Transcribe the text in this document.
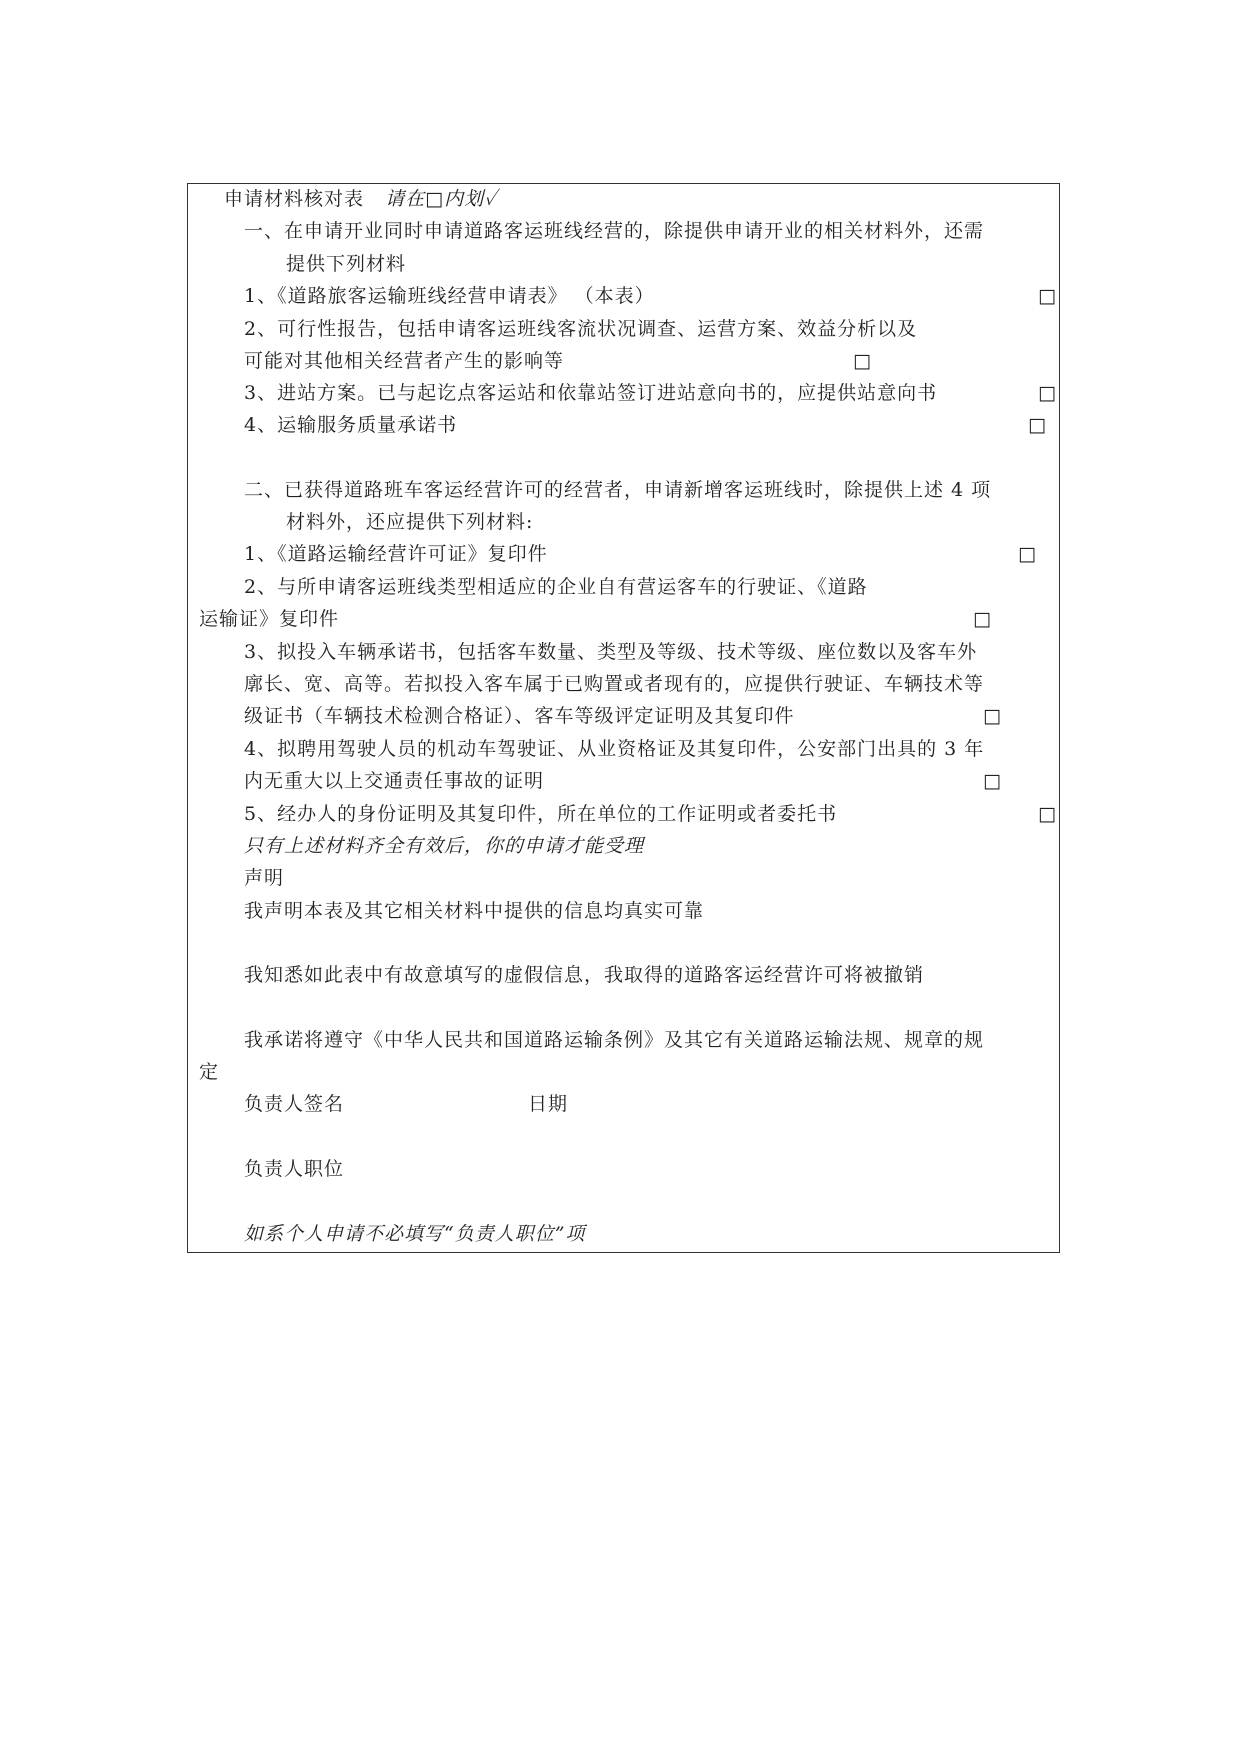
申请材料核对表 请在□内划✓
一、在申请开业同时申请道路客运班线经营的，除提供申请开业的相关材料外，还需
提供下列材料
1、《道路旅客运输班线经营申请表》 （本表）	□
2、可行性报告，包括申请客运班线客流状况调查、运营方案、效益分析以及
可能对其他相关经营者产生的影响等	□
3、进站方案。已与起讫点客运站和依靠站签订进站意向书的，应提供站意向书	□
4、运输服务质量承诺书	□
二、已获得道路班车客运经营许可的经营者，申请新增客运班线时，除提供上述 4 项
材料外，还应提供下列材料:
1、《道路运输经营许可证》复印件	□
2、与所申请客运班线类型相适应的企业自有营运客车的行驶证、《道路
运输证》复印件	□
3、拟投入车辆承诺书，包括客车数量、类型及等级、技术等级、座位数以及客车外
廓长、宽、高等。若拟投入客车属于已购置或者现有的，应提供行驶证、车辆技术等
级证书（车辆技术检测合格证）、客车等级评定证明及其复印件	□
4、拟聘用驾驶人员的机动车驾驶证、从业资格证及其复印件，公安部门出具的 3 年
内无重大以上交通责任事故的证明	□
5、经办人的身份证明及其复印件，所在单位的工作证明或者委托书	□
只有上述材料齐全有效后，你的申请才能受理
声明
我声明本表及其它相关材料中提供的信息均真实可靠
我知悉如此表中有故意填写的虚假信息，我取得的道路客运经营许可将被撤销
我承诺将遵守《中华人民共和国道路运输条例》及其它有关道路运输法规、规章的规
定
负责人签名	日期
负责人职位
如系个人申请不必填写“负责人职位”项
